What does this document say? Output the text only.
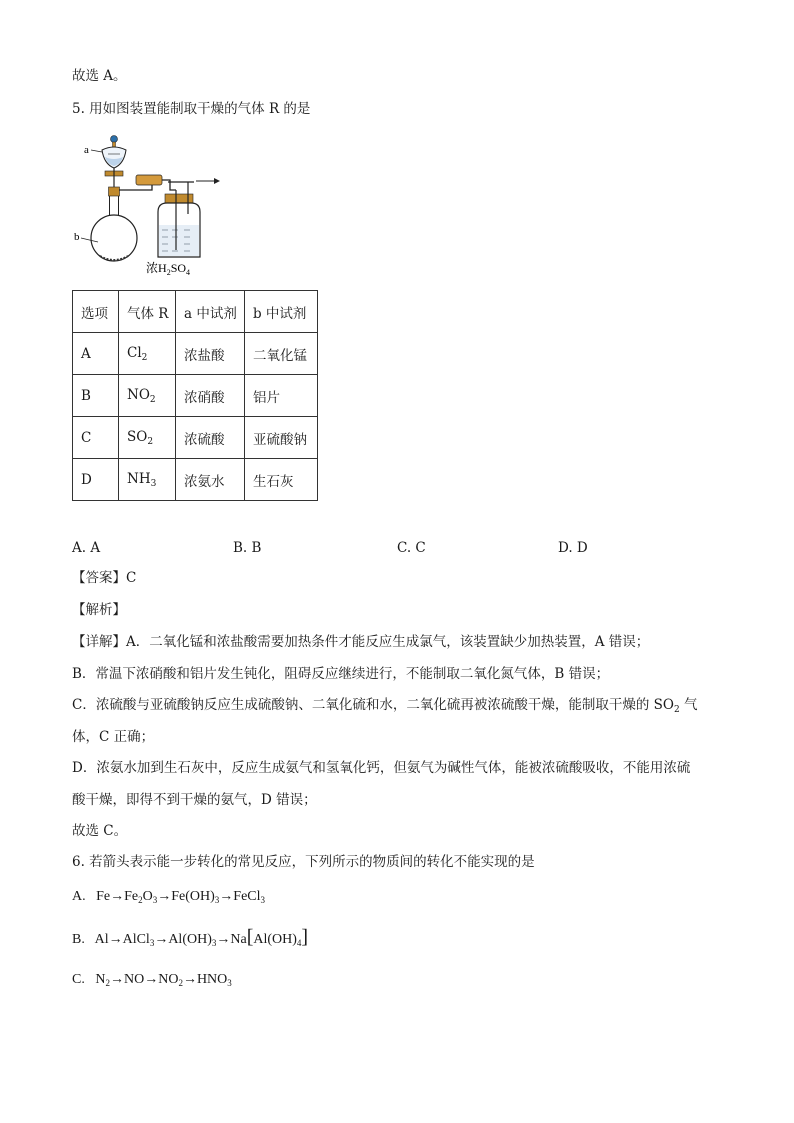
故选 A。
5. 用如图装置能制取干燥的气体 R 的是
a
b
浓$H_2SO_4$
选项	气体 R	a 中试剂	b 中试剂
A	$Cl_2$	浓盐酸	二氧化锰
B	$NO_2$	浓硝酸	铝片
C	$SO_2$	浓硫酸	亚硫酸钠
D	$NH_3$	浓氨水	生石灰
A. A	B. B	C. C	D. D
【答案】C
【解析】
【详解】A．二氧化锰和浓盐酸需要加热条件才能反应生成氯气，该装置缺少加热装置，A 错误；
B．常温下浓硝酸和铝片发生钝化，阻碍反应继续进行，不能制取二氧化氮气体，B 错误；
C．浓硫酸与亚硫酸钠反应生成硫酸钠、二氧化硫和水，二氧化硫再被浓硫酸干燥，能制取干燥的 $SO_2$ 气
体，C 正确；
D．浓氨水加到生石灰中，反应生成氨气和氢氧化钙，但氨气为碱性气体，能被浓硫酸吸收，不能用浓硫
酸干燥，即得不到干燥的氨气，D 错误；
故选 C。
6. 若箭头表示能一步转化的常见反应，下列所示的物质间的转化不能实现的是
A. $Fe\to Fe_2O_3\to Fe(OH)_3\to FeCl_3$
B. $Al\to AlCl_3\to Al(OH)_3\to Na[Al(OH)_4]$
C. $N_2\to NO\to NO_2\to HNO_3$
